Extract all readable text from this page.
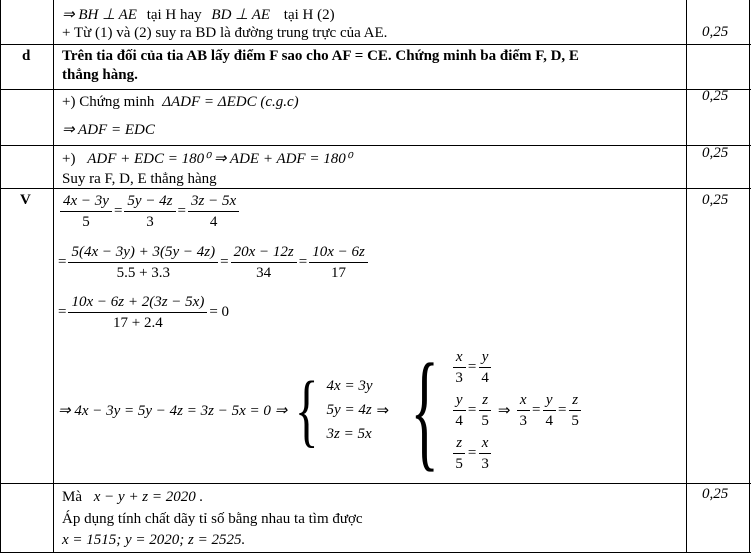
⇒ BH ⊥ AE tại H hay BD ⊥ AE tại H (2)
+ Từ (1) và (2) suy ra BD là đường trung trực của AE.	0,25
d Trên tia đối của tia AB lấy điểm F sao cho AF = CE. Chứng minh ba điểm F, D, E
thẳng hàng.
+) Chứng minh ΔADF = ΔEDC (c.g.c)
⇒ ADF = EDC
0,25
+) ADF + EDC = 180⁰ ⇒ ADE + ADF = 180⁰
Suy ra F, D, E thẳng hàng
0,25
V	0,25
$\frac{4x - 3y}{5} = \frac{5y - 4z}{3} = \frac{3z - 5x}{4}$
= $\frac{5(4x - 3y) + 3(5y - 4z)}{5.5 + 3.3} = \frac{20x - 12z}{34} = \frac{10x - 6z}{17}$
= $\frac{10x - 6z + 2(3z - 5x)}{17 + 2.4} = 0$
⇒ 4x − 3y = 5y − 4z = 3z − 5x = 0 ⇒ { 4x = 3y
5y = 4z
3z = 5x
⇒ { $\frac{x}{3} = \frac{y}{4}$
$\frac{y}{4} = \frac{z}{5}$
$\frac{z}{5} = \frac{x}{3}$
⇒ $\frac{x}{3} = \frac{y}{4} = \frac{z}{5}$
Mà x − y + z = 2020 .
Áp dụng tính chất dãy tỉ số bằng nhau ta tìm được
x = 1515; y = 2020; z = 2525.
0,25
